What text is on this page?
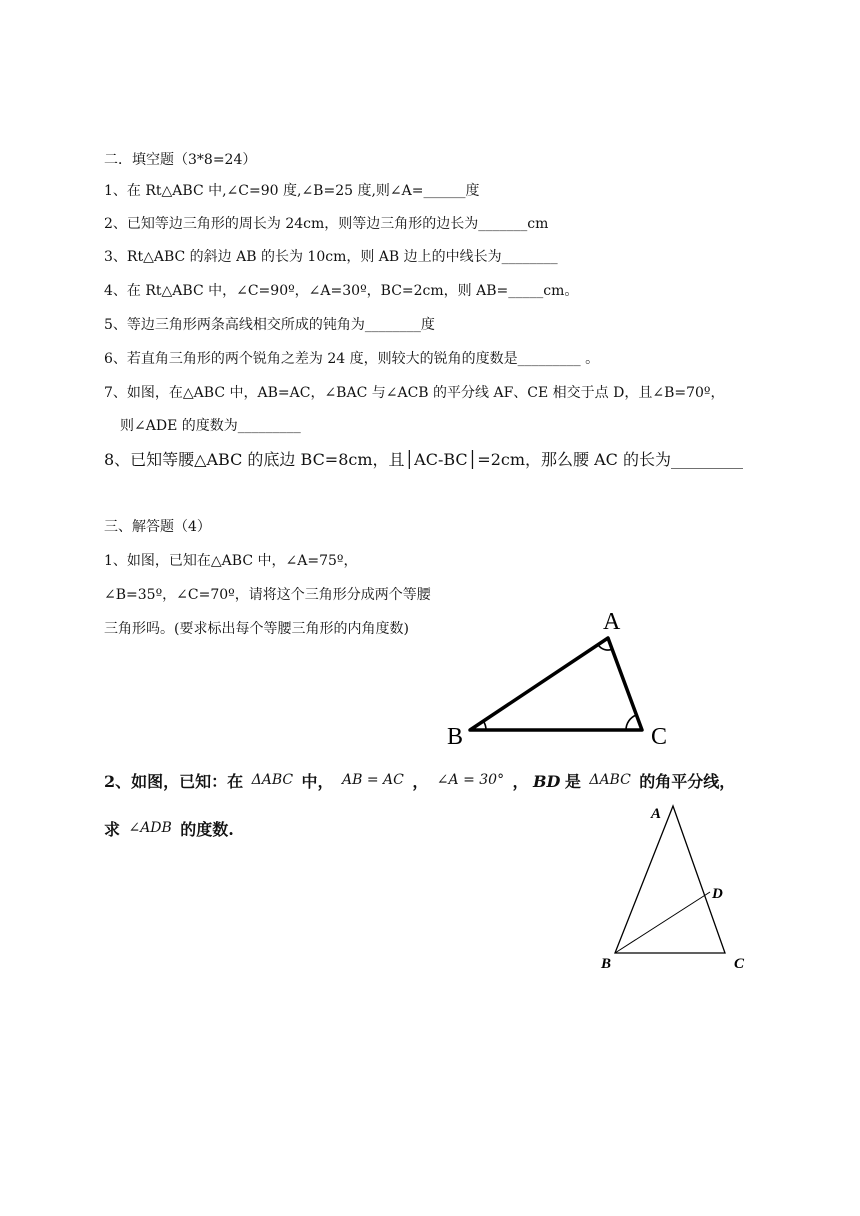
二．填空题（3*8=24）

1、在 Rt△ABC 中,∠C=90 度,∠B=25 度,则∠A=______度

2、已知等边三角形的周长为 24cm，则等边三角形的边长为_______cm

3、Rt△ABC 的斜边 AB 的长为 10cm，则 AB 边上的中线长为________

4、在 Rt△ABC 中，∠C=90º，∠A=30º，BC=2cm，则 AB=_____cm。

5、等边三角形两条高线相交所成的钝角为________度

6、若直角三角形的两个锐角之差为 24 度，则较大的锐角的度数是_________ 。

7、如图，在△ABC 中，AB=AC，∠BAC 与∠ACB 的平分线 AF、CE 相交于点 D，且∠B=70º，

则∠ADE 的度数为_________

8、已知等腰△ABC 的底边 BC=8cm，且│AC-BC│=2cm，那么腰 AC 的长为_________

三、解答题（4）

1、如图，已知在△ABC 中，∠A=75º，

∠B=35º，∠C=70º，请将这个三角形分成两个等腰

三角形吗。(要求标出每个等腰三角形的内角度数)	A
B	C
2、如图，已知：在 ΔABC 中， AB = AC ， ∠A = 30° ， BD 是 ΔABC 的角平分线，
求 ∠ADB 的度数.
A
B	C
D
